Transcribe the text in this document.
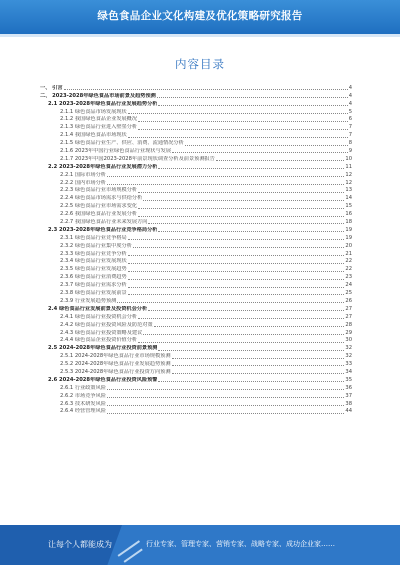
绿色食品企业文化构建及优化策略研究报告
内容目录
一、 引言	4
二、 2023-2028年绿色食品市场前景及趋势预测	4
2.1 2023-2028年绿色食品行业发展趋势分析	4
2.1.1 绿色食品市场发展现状	5
2.1.2 我国绿色食品企业发展概况	6
2.1.3 绿色食品行业进入壁垒分析	7
2.1.4 我国绿色食品市场现状	7
2.1.5 绿色食品行业生产、供应、消费、流通情况分析	8
2.1.6 2023年中国行业绿色食品行业现状与发展	9
2.1.7 2023年中国2023-2028年前景现状调查分析及前景预测报告	10
2.2 2023-2028年绿色食品行业发展潜力分析	11
2.2.1 国际市场分析	12
2.2.2 国内市场分析	12
2.2.3 绿色食品行业市场规模分析	13
2.2.4 绿色食品市场需求与供给分析	14
2.2.5 绿色食品行业市场需求变化	15
2.2.6 我国绿色食品行业发展分析	16
2.2.7 我国绿色食品行业未来发展方向	18
2.3 2023-2028年绿色食品行业竞争格局分析	19
2.3.1 绿色食品行业竞争格局	19
2.3.2 绿色食品行业集中度分析	20
2.3.3 绿色食品行业竞争分析	21
2.3.4 绿色食品行业发展现状	22
2.3.5 绿色食品行业发展趋势	22
2.3.6 绿色食品行业消费趋势	23
2.3.7 绿色食品行业需求分析	24
2.3.8 绿色食品行业发展前景	25
2.3.9 行业发展趋势预测	26
2.4 绿色食品行业发展前景及投资机会分析	27
2.4.1 绿色食品行业投资机会分析	27
2.4.2 绿色食品行业投资风险及防范对策	28
2.4.3 绿色食品行业投资策略及建议	29
2.4.4 绿色食品企业投资价值分析	30
2.5 2024-2028年绿色食品行业投资前景预测	32
2.5.1 2024-2028年绿色食品行业市场规模预测	32
2.5.2 2024-2028年绿色食品行业发展趋势预测	33
2.5.3 2024-2028年绿色食品行业投资方向预测	34
2.6 2024-2028年绿色食品行业投资风险预警	35
2.6.1 行业政策风险	36
2.6.2 市场竞争风险	37
2.6.3 技术研发风险	38
2.6.4 经营管理风险	44
让每个人都能成为	行业专家、管理专家、营销专家、战略专家、成功企业家……
